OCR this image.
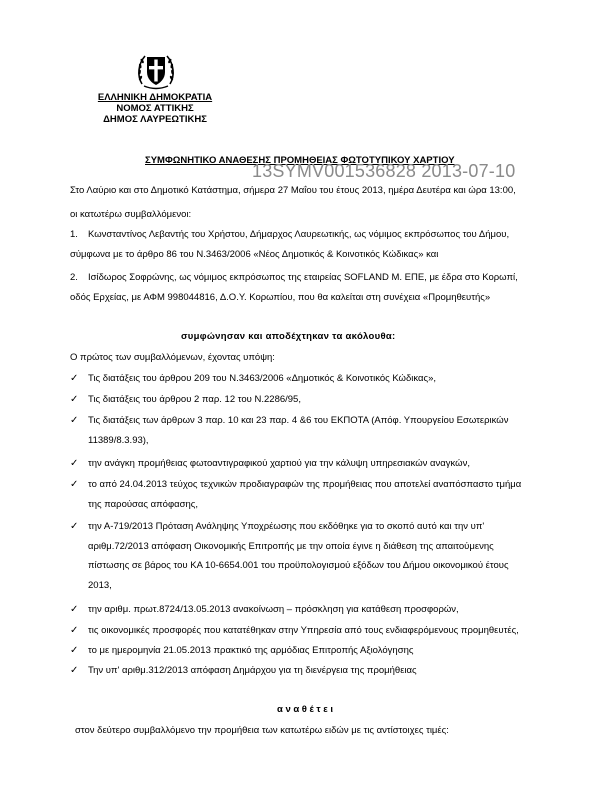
ΕΛΛΗΝΙΚΗ ΔΗΜΟΚΡΑΤΙΑ
ΝΟΜΟΣ ΑΤΤΙΚΗΣ
ΔΗΜΟΣ ΛΑΥΡΕΩΤΙΚΗΣ
ΣΥΜΦΩΝΗΤΙΚΟ ΑΝΑΘΕΣΗΣ ΠΡΟΜΗΘΕΙΑΣ ΦΩΤΟΤΥΠΙΚΟΥ ΧΑΡΤΙΟΥ
13SYMV001536828 2013-07-10
Στο Λαύριο και στο Δημοτικό Κατάστημα, σήμερα 27 Μαΐου του έτους 2013, ημέρα Δευτέρα και ώρα 13:00,
οι κατωτέρω συμβαλλόμενοι:
1. Κωνσταντίνος Λεβαντής του Χρήστου, Δήμαρχος Λαυρεωτικής, ως νόμιμος εκπρόσωπος του Δήμου,
σύμφωνα με το άρθρο 86 του Ν.3463/2006 «Νέος Δημοτικός & Κοινοτικός Κώδικας» και
2. Ισίδωρος Σοφρώνης, ως νόμιμος εκπρόσωπος της εταιρείας SOFLAND M. ΕΠΕ, με έδρα στο Κορωπί,
οδός Ερχείας, με ΑΦΜ 998044816, Δ.Ο.Υ. Κορωπίου, που θα καλείται στη συνέχεια «Προμηθευτής»
συμφώνησαν και αποδέχτηκαν τα ακόλουθα:
Ο πρώτος των συμβαλλόμενων, έχοντας υπόψη:
✓ Τις διατάξεις του άρθρου 209 του Ν.3463/2006 «Δημοτικός & Κοινοτικός Κώδικας»,
✓ Τις διατάξεις του άρθρου 2 παρ. 12 του Ν.2286/95,
✓ Τις διατάξεις των άρθρων 3 παρ. 10 και 23 παρ. 4 &6 του ΕΚΠΟΤΑ (Απόφ. Υπουργείου Εσωτερικών
11389/8.3.93),
✓ την ανάγκη προμήθειας φωτοαντιγραφικού χαρτιού για την κάλυψη υπηρεσιακών αναγκών,
✓ το από 24.04.2013 τεύχος τεχνικών προδιαγραφών της προμήθειας που αποτελεί αναπόσπαστο τμήμα
της παρούσας απόφασης,
✓ την Α-719/2013 Πρόταση Ανάληψης Υποχρέωσης που εκδόθηκε για το σκοπό αυτό και την υπ'
αριθμ.72/2013 απόφαση Οικονομικής Επιτροπής με την οποία έγινε η διάθεση της απαιτούμενης
πίστωσης σε βάρος του ΚΑ 10-6654.001 του προϋπολογισμού εξόδων του Δήμου οικονομικού έτους
2013,
✓ την αριθμ. πρωτ.8724/13.05.2013 ανακοίνωση – πρόσκληση για κατάθεση προσφορών,
✓ τις οικονομικές προσφορές που κατατέθηκαν στην Υπηρεσία από τους ενδιαφερόμενους προμηθευτές,
✓ το με ημερομηνία 21.05.2013 πρακτικό της αρμόδιας Επιτροπής Αξιολόγησης
✓ Την υπ' αριθμ.312/2013 απόφαση Δημάρχου για τη διενέργεια της προμήθειας
αναθέτει
στον δεύτερο συμβαλλόμενο την προμήθεια των κατωτέρω ειδών με τις αντίστοιχες τιμές:
